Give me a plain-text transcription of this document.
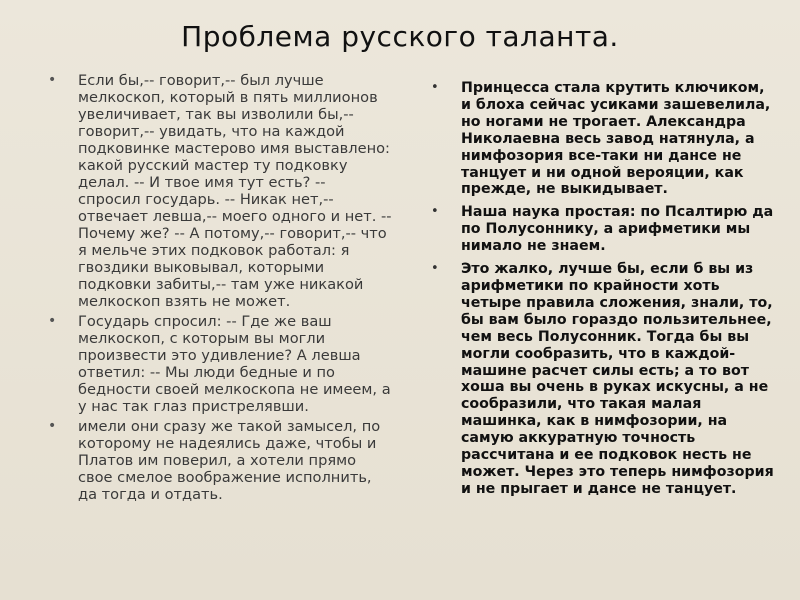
Проблема русского таланта.
• Если бы,-- говорит,-- был лучше мелкоскоп, который в пять миллионов увеличивает, так вы изволили бы,-- говорит,-- увидать, что на каждой подковинке мастерово имя выставлено: какой русский мастер ту подковку делал. -- И твое имя тут есть? -- спросил государь. -- Никак нет,-- отвечает левша,-- моего одного и нет. -- Почему же? -- А потому,-- говорит,-- что я мельче этих подковок работал: я гвоздики выковывал, которыми подковки забиты,-- там уже никакой мелкоскоп взять не может.
• Государь спросил: -- Где же ваш мелкоскоп, с которым вы могли произвести это удивление? А левша ответил: -- Мы люди бедные и по бедности своей мелкоскопа не имеем, а у нас так глаз пристрелявши.
• имели они сразу же такой замысел, по которому не надеялись даже, чтобы и Платов им поверил, а хотели прямо свое смелое воображение исполнить, да тогда и отдать.
• Принцесса стала крутить ключиком, и блоха сейчас усиками зашевелила, но ногами не трогает. Александра Николаевна весь завод натянула, а нимфозория все-таки ни дансе не танцует и ни одной верояции, как прежде, не выкидывает.
• Наша наука простая: по Псалтирю да по Полусоннику, а арифметики мы нимало не знаем.
• Это жалко, лучше бы, если б вы из арифметики по крайности хоть четыре правила сложения, знали, то, бы вам было гораздо пользительнее, чем весь Полусонник. Тогда бы вы могли сообразить, что в каждой-машине расчет силы есть; а то вот хоша вы очень в руках искусны, а не сообразили, что такая малая машинка, как в нимфозории, на самую аккуратную точность рассчитана и ее подковок несть не может. Через это теперь нимфозория и не прыгает и дансе не танцует.
